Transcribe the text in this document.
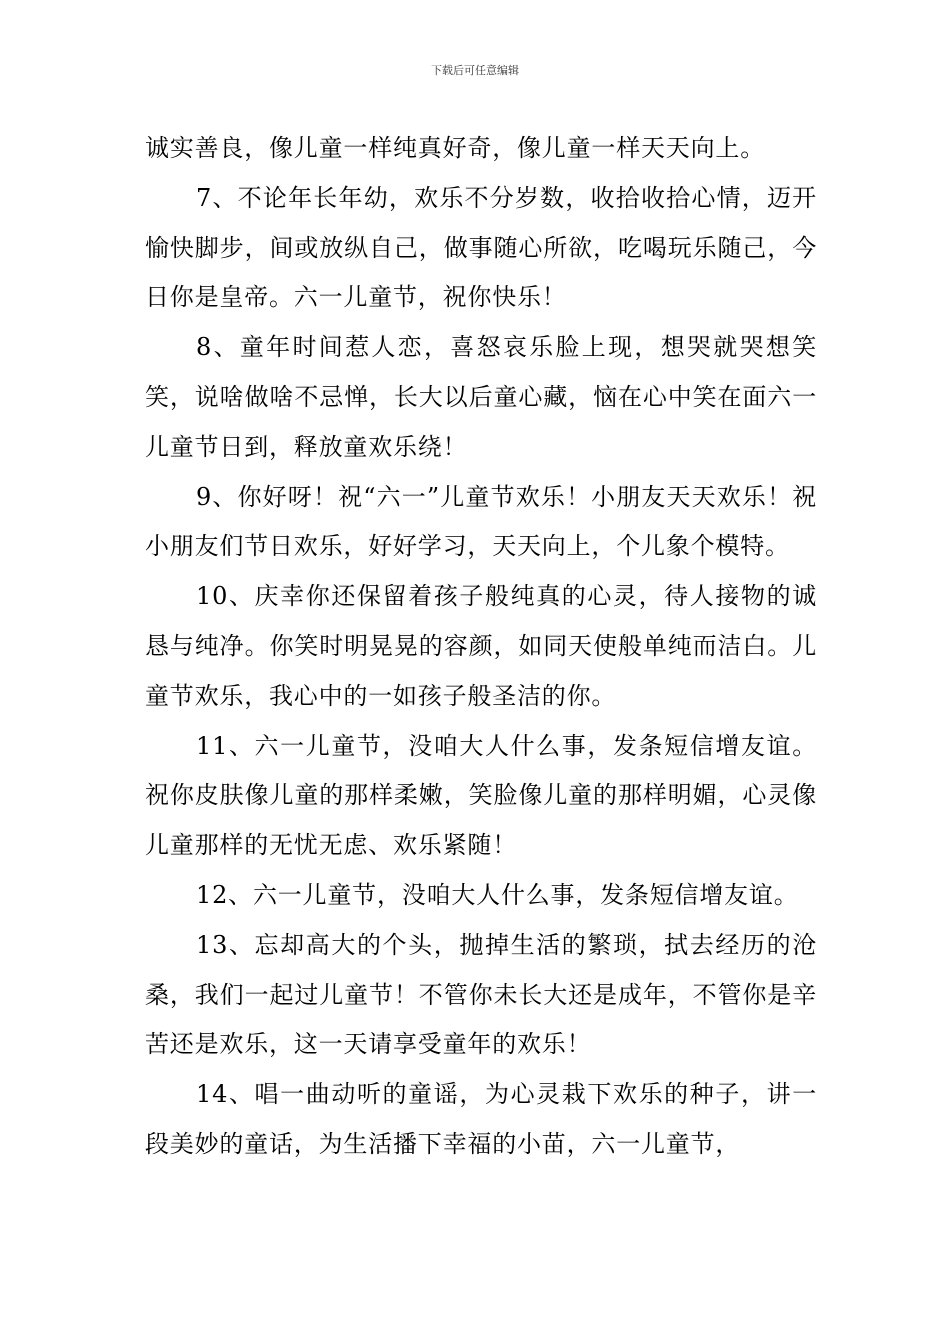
下载后可任意编辑

诚实善良，像儿童一样纯真好奇，像儿童一样天天向上。

7、不论年长年幼，欢乐不分岁数，收拾收拾心情，迈开愉快脚步，间或放纵自己，做事随心所欲，吃喝玩乐随己，今日你是皇帝。六一儿童节，祝你快乐！

8、童年时间惹人恋，喜怒哀乐脸上现，想哭就哭想笑笑，说啥做啥不忌惮，长大以后童心藏，恼在心中笑在面六一儿童节日到，释放童欢乐绕！

9、你好呀！祝“六一”儿童节欢乐！小朋友天天欢乐！祝小朋友们节日欢乐，好好学习，天天向上，个儿象个模特。

10、庆幸你还保留着孩子般纯真的心灵，待人接物的诚恳与纯净。你笑时明晃晃的容颜，如同天使般单纯而洁白。儿童节欢乐，我心中的一如孩子般圣洁的你。

11、六一儿童节，没咱大人什么事，发条短信增友谊。祝你皮肤像儿童的那样柔嫩，笑脸像儿童的那样明媚，心灵像儿童那样的无忧无虑、欢乐紧随！

12、六一儿童节，没咱大人什么事，发条短信增友谊。

13、忘却高大的个头，抛掉生活的繁琐，拭去经历的沧桑，我们一起过儿童节！不管你未长大还是成年，不管你是辛苦还是欢乐，这一天请享受童年的欢乐！

14、唱一曲动听的童谣，为心灵栽下欢乐的种子，讲一段美妙的童话，为生活播下幸福的小苗，六一儿童节，
